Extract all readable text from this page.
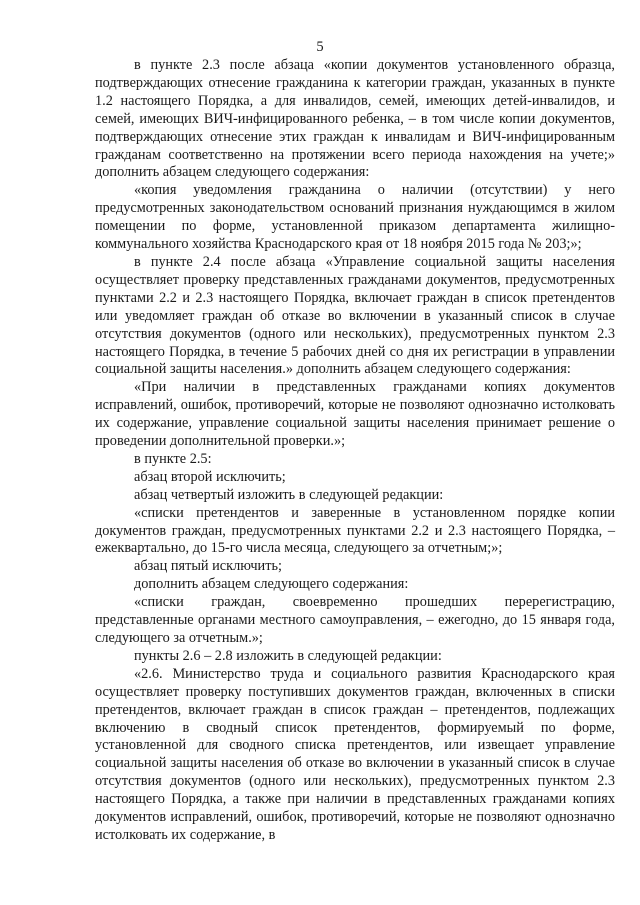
5

в пункте 2.3 после абзаца «копии документов установленного образца, подтверждающих отнесение гражданина к категории граждан, указанных в пункте 1.2 настоящего Порядка, а для инвалидов, семей, имеющих детей-инвалидов, и семей, имеющих ВИЧ-инфицированного ребенка, – в том числе копии документов, подтверждающих отнесение этих граждан к инвалидам и ВИЧ-инфицированным гражданам соответственно на протяжении всего периода нахождения на учете;» дополнить абзацем следующего содержания:

«копия уведомления гражданина о наличии (отсутствии) у него предусмотренных законодательством оснований признания нуждающимся в жилом помещении по форме, установленной приказом департамента жилищно-коммунального хозяйства Краснодарского края от 18 ноября 2015 года № 203;»;

в пункте 2.4 после абзаца «Управление социальной защиты населения осуществляет проверку представленных гражданами документов, предусмотренных пунктами 2.2 и 2.3 настоящего Порядка, включает граждан в список претендентов или уведомляет граждан об отказе во включении в указанный список в случае отсутствия документов (одного или нескольких), предусмотренных пунктом 2.3 настоящего Порядка, в течение 5 рабочих дней со дня их регистрации в управлении социальной защиты населения.» дополнить абзацем следующего содержания:

«При наличии в представленных гражданами копиях документов исправлений, ошибок, противоречий, которые не позволяют однозначно истолковать их содержание, управление социальной защиты населения принимает решение о проведении дополнительной проверки.»;

в пункте 2.5:

абзац второй исключить;

абзац четвертый изложить в следующей редакции:

«списки претендентов и заверенные в установленном порядке копии документов граждан, предусмотренных пунктами 2.2 и 2.3 настоящего Порядка, – ежеквартально, до 15-го числа месяца, следующего за отчетным;»;

абзац пятый исключить;

дополнить абзацем следующего содержания:

«списки граждан, своевременно прошедших перерегистрацию, представленные органами местного самоуправления, – ежегодно, до 15 января года, следующего за отчетным.»;

пункты 2.6 – 2.8 изложить в следующей редакции:

«2.6. Министерство труда и социального развития Краснодарского края осуществляет проверку поступивших документов граждан, включенных в списки претендентов, включает граждан в список граждан – претендентов, подлежащих включению в сводный список претендентов, формируемый по форме, установленной для сводного списка претендентов, или извещает управление социальной защиты населения об отказе во включении в указанный список в случае отсутствия документов (одного или нескольких), предусмотренных пунктом 2.3 настоящего Порядка, а также при наличии в представленных гражданами копиях документов исправлений, ошибок, противоречий, которые не позволяют однозначно истолковать их содержание, в
